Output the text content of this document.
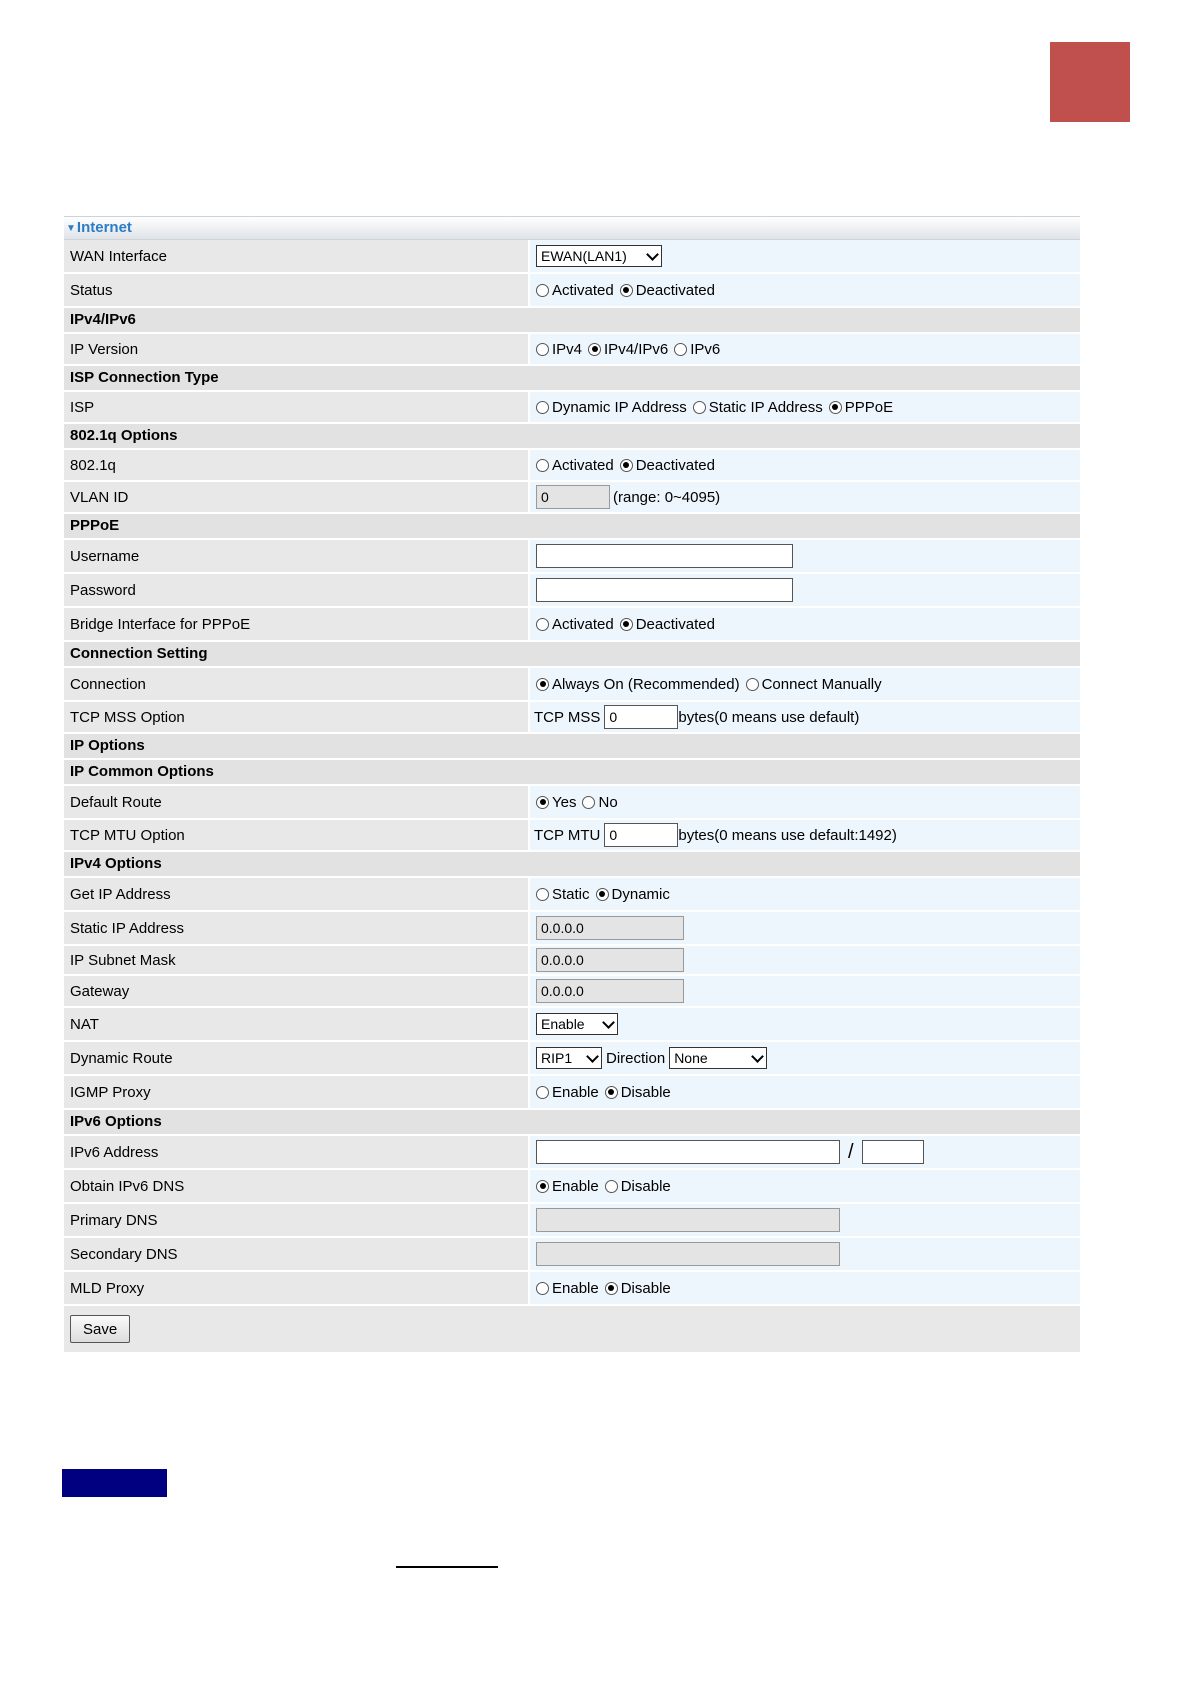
▼Internet
WAN Interface	EWAN(LAN1)
Status	Activated Deactivated
IPv4/IPv6
IP Version	IPv4 IPv4/IPv6 IPv6
ISP Connection Type
ISP	Dynamic IP Address Static IP Address PPPoE
802.1q Options
802.1q	Activated Deactivated
VLAN ID	0	(range: 0~4095)
PPPoE
Username
Password
Bridge Interface for PPPoE	Activated Deactivated
Connection Setting
Connection	Always On (Recommended) Connect Manually
TCP MSS Option	TCP MSS 0	bytes(0 means use default)
IP Options
IP Common Options
Default Route	Yes No
TCP MTU Option	TCP MTU 0	bytes(0 means use default:1492)
IPv4 Options
Get IP Address	Static Dynamic
Static IP Address	0.0.0.0
IP Subnet Mask	0.0.0.0
Gateway	0.0.0.0
NAT	Enable
Dynamic Route	RIP1 Direction None
IGMP Proxy	Enable Disable
IPv6 Options
IPv6 Address	/
Obtain IPv6 DNS	Enable Disable
Primary DNS
Secondary DNS
MLD Proxy	Enable Disable
Save
